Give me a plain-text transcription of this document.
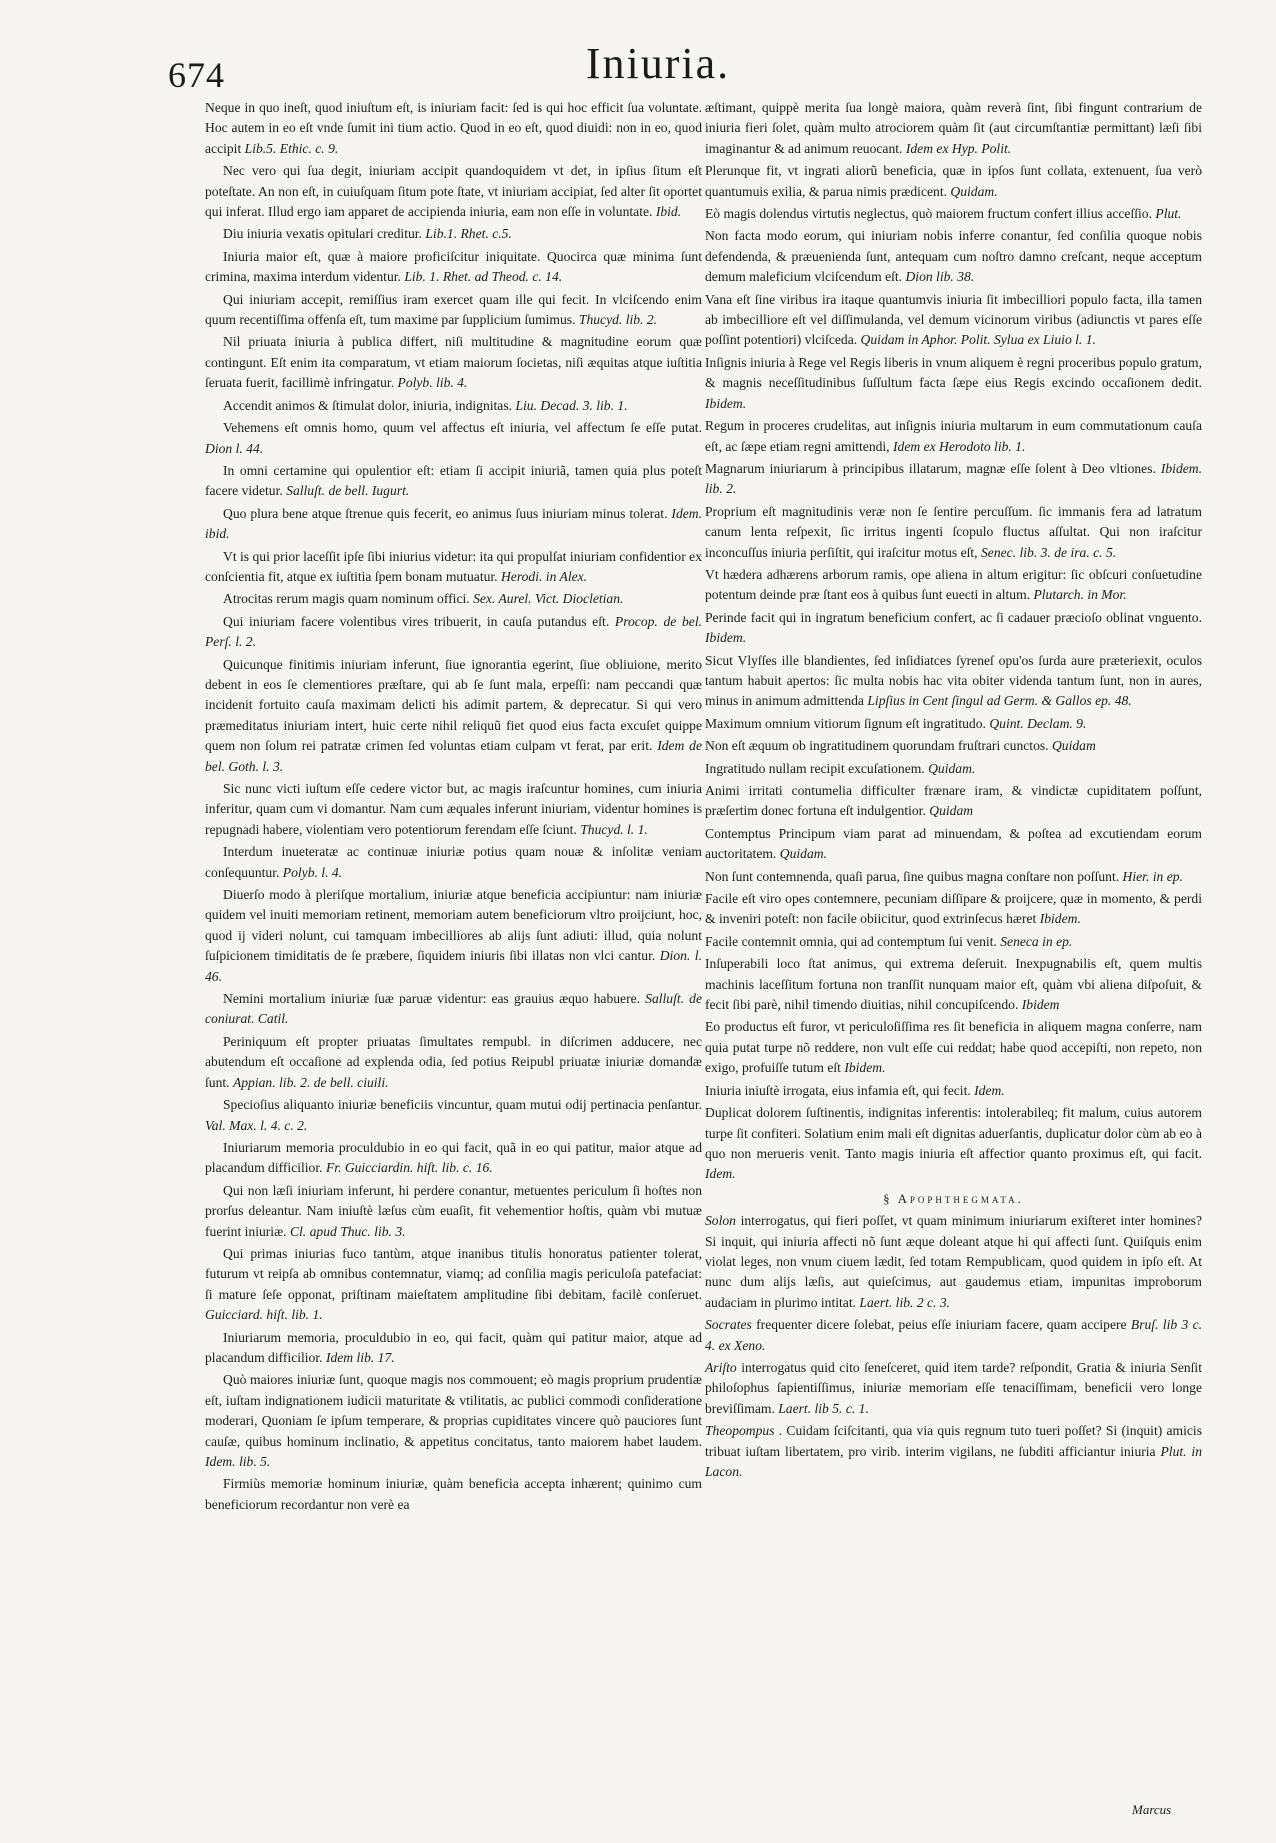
674	Iniuria.

Neque in quo ineſt, quod iniuſtum eſt, is iniuriam facit: ſed is qui hoc efficit ſua voluntate. Hoc autem in eo eſt vnde ſumit ini tium actio. Quod in eo eſt, quod diuidi: non in eo, quod accipit Lib.5. Ethic. c. 9.

Nec vero qui ſua degit, iniuriam accipit quandoquidem vt det, in ipſius ſitum eſt poteſtate. An non eſt, in cuiuſquam ſitum pote ſtate, vt iniuriam accipiat, ſed alter ſit oportet qui inferat. Illud ergo iam apparet de accipienda iniuria, eam non eſſe in voluntate. Ibid.

Diu iniuria vexatis opitulari creditur. Lib.1. Rhet. c.5.

Iniuria maior eſt, quæ à maiore proficiſcitur iniquitate. Quocirca quæ minima ſunt crimina, maxima interdum videntur. Lib. 1. Rhet. ad Theod. c. 14.

Qui iniuriam accepit, remiſſius iram exercet quam ille qui fecit. In vlciſcendo enim quum recentiſſima offenſa eſt, tum maxime par ſupplicium ſumimus. Thucyd. lib. 2.

Nil priuata iniuria à publica differt, niſi multitudine & magnitudine eorum quæ contingunt. Eſt enim ita comparatum, vt etiam maiorum ſocietas, niſi æquitas atque iuſtitia ſeruata fuerit, facillimè infringatur. Polyb. lib. 4.

Accendit animos & ſtimulat dolor, iniuria, indignitas. Liu. Decad. 3. lib. 1.

Vehemens eſt omnis homo, quum vel affectus eſt iniuria, vel affectum ſe eſſe putat. Dion l. 44.

In omni certamine qui opulentior eſt: etiam ſi accipit iniuriã, tamen quia plus poteſt facere videtur. Salluſt. de bell. Iugurt.

Quo plura bene atque ſtrenue quis fecerit, eo animus ſuus iniuriam minus tolerat. Idem. ibid.

Vt is qui prior laceſſit ipſe ſibi iniurius videtur: ita qui propulſat iniuriam confidentior ex conſcientia fit, atque ex iuſtitia ſpem bonam mutuatur. Herodi. in Alex.

Atrocitas rerum magis quam nominum offici. Sex. Aurel. Vict. Diocletian.

Qui iniuriam facere volentibus vires tribuerit, in cauſa putandus eſt. Procop. de bel. Perſ. l. 2.

Quicunque finitimis iniuriam inferunt, ſiue ignorantia egerint, ſiue obliuione, merito debent in eos ſe clementiores præſtare, qui ab ſe ſunt mala, erpeſſi: nam peccandi quæ incidenit fortuito cauſa maximam delicti his adimit partem, & deprecatur. Si qui vero præmeditatus iniuriam intert, huic certe nihil reliquũ fiet quod eius facta excuſet quippe quem non ſolum rei patratæ crimen ſed voluntas etiam culpam vt ferat, par erit. Idem de bel. Goth. l. 3.

Sic nunc victi iuſtum eſſe cedere victor but, ac magis iraſcuntur homines, cum iniuria inferitur, quam cum vi domantur. Nam cum æquales inferunt iniuriam, videntur homines is repugnadi habere, violentiam vero potentiorum ferendam eſſe ſciunt. Thucyd. l. 1.

Interdum inueteratæ ac continuæ iniuriæ potius quam nouæ & inſolitæ veniam conſequuntur. Polyb. l. 4.

Diuerſo modo à pleriſque mortalium, iniuriæ atque beneficia accipiuntur: nam iniuriæ quidem vel inuiti memoriam retinent, memoriam autem beneficiorum vltro proijciunt, hoc, quod ij videri nolunt, cui tamquam imbecilliores ab alijs ſunt adiuti: illud, quia nolunt ſuſpicionem timiditatis de ſe præbere, ſiquidem iniuris ſibi illatas non vlci cantur. Dion. l. 46.

Nemini mortalium iniuriæ ſuæ paruæ videntur: eas grauius æquo habuere. Salluſt. de coniurat. Catil.

Periniquum eſt propter priuatas ſimultates rempubl. in diſcrimen adducere, nec abutendum eſt occaſione ad explenda odia, ſed potius Reipubl priuatæ iniuriæ domandæ ſunt. Appian. lib. 2. de bell. ciuili.

Specioſius aliquanto iniuriæ beneficiis vincuntur, quam mutui odij pertinacia penſantur. Val. Max. l. 4. c. 2.

Iniuriarum memoria proculdubio in eo qui facit, quã in eo qui patitur, maior atque ad placandum difficilior. Fr. Guicciardin. hiſt. lib. c. 16.

Qui non læſi iniuriam inferunt, hi perdere conantur, metuentes periculum ſi hoſtes non prorſus deleantur. Nam iniuſtè læſus cùm euaſit, fit vehementior hoſtis, quàm vbi mutuæ fuerint iniuriæ. Cl. apud Thuc. lib. 3.

Qui primas iniurias fuco tantùm, atque inanibus titulis honoratus patienter tolerat, futurum vt reipſa ab omnibus contemnatur, viamq; ad conſilia magis periculoſa patefaciat: ſi mature ſeſe opponat, priſtinam maieſtatem amplitudine ſibi debitam, facilè conſeruet. Guicciard. hiſt. lib. 1.

Iniuriarum memoria, proculdubio in eo, qui facit, quàm qui patitur maior, atque ad placandum difficilior. Idem lib. 17.

Quò maiores iniuriæ ſunt, quoque magis nos commouent; eò magis proprium prudentiæ eſt, iuſtam indignationem iudicii maturitate & vtilitatis, ac publici commodi conſideratione moderari, Quoniam ſe ipſum temperare, & proprias cupiditates vincere quò pauciores ſunt cauſæ, quibus hominum inclinatio, & appetitus concitatus, tanto maiorem habet laudem. Idem. lib. 5.

Firmiùs memoriæ hominum iniuriæ, quàm beneficia accepta inhærent; quinimo cum beneficiorum recordantur non verè ea

æſtimant, quippè merita ſua longè maiora, quàm reverà ſint, ſibi fingunt contrarium de iniuria fieri ſolet, quàm multo atrociorem quàm ſit (aut circumſtantiæ permittant) læſi ſibi imaginantur & ad animum reuocant. Idem ex Hyp. Polit.

Plerunque fit, vt ingrati aliorũ beneficia, quæ in ipſos ſunt collata, extenuent, ſua verò quantumuis exilia, & parua nimis prædicent. Quidam.

Eò magis dolendus virtutis neglectus, quò maiorem fructum confert illius acceſſio. Plut.

Non facta modo eorum, qui iniuriam nobis inferre conantur, ſed conſilia quoque nobis defendenda, & præuenienda ſunt, antequam cum noſtro damno creſcant, neque acceptum demum maleficium vlciſcendum eſt. Dion lib. 38.

Vana eſt ſine viribus ira itaque quantumvis iniuria ſit imbecilliori populo facta, illa tamen ab imbecilliore eſt vel diſſimulanda, vel demum vicinorum viribus (adiunctis vt pares eſſe poſſint potentiori) vlciſceda. Quidam in Aphor. Polit. Sylua ex Liuio l. 1.

Inſignis iniuria à Rege vel Regis liberis in vnum aliquem è regni proceribus populo gratum, & magnis neceſſitudinibus ſuſſultum facta ſæpe eius Regis excindo occaſionem dedit. Ibidem.

Regum in proceres crudelitas, aut inſignis iniuria multarum in eum commutationum cauſa eſt, ac ſæpe etiam regni amittendi, Idem ex Herodoto lib. 1.

Magnarum iniuriarum à principibus illatarum, magnæ eſſe ſolent à Deo vltiones. Ibidem. lib. 2.

Proprium eſt magnitudinis veræ non ſe ſentire percuſſum. ſic immanis fera ad latratum canum lenta reſpexit, ſic irritus ingenti ſcopulo fluctus aſſultat. Qui non iraſcitur inconcuſſus iniuria perſiſtit, qui iraſcitur motus eſt, Senec. lib. 3. de ira. c. 5.

Vt hædera adhærens arborum ramis, ope aliena in altum erigitur: ſic obſcuri conſuetudine potentum deinde præ ſtant eos à quibus ſunt euecti in altum. Plutarch. in Mor.

Perinde facit qui in ingratum beneficium confert, ac ſi cadauer præcioſo oblinat vnguento. Ibidem.

Sicut Vlyſſes ille blandientes, ſed inſidiatces ſyreneſ opu'os ſurda aure præteriexit, oculos tantum habuit apertos: ſic multa nobis hac vita obiter videnda tantum ſunt, non in aures, minus in animum admittenda Lipſius in Cent ſingul ad Germ. & Gallos ep. 48.

Maximum omnium vitiorum ſignum eſt ingratitudo. Quint. Declam. 9.

Non eſt æquum ob ingratitudinem quorundam fruſtrari cunctos. Quidam

Ingratitudo nullam recipit excuſationem. Quidam.

Animi irritati contumelia difficulter frænare iram, & vindictæ cupiditatem poſſunt, præſertim donec fortuna eſt indulgentior. Quidam

Contemptus Principum viam parat ad minuendam, & poſtea ad excutiendam eorum auctoritatem. Quidam.

Non ſunt contemnenda, quaſi parua, ſine quibus magna conſtare non poſſunt. Hier. in ep.

Facile eſt viro opes contemnere, pecuniam diſſipare & proijcere, quæ in momento, & perdi & inveniri poteſt: non facile obiicitur, quod extrinſecus hæret Ibidem.

Facile contemnit omnia, qui ad contemptum ſui venit. Seneca in ep.

Inſuperabili loco ſtat animus, qui extrema deſeruit. Inexpugnabilis eſt, quem multis machinis laceſſitum fortuna non tranſſit nunquam maior eſt, quàm vbi aliena diſpoſuit, & fecit ſibi parè, nihil timendo diuitias, nihil concupiſcendo. Ibidem

Eo productus eſt furor, vt periculoſiſſima res ſit beneficia in aliquem magna conſerre, nam quia putat turpe nõ reddere, non vult eſſe cui reddat; habe quod accepiſti, non repeto, non exigo, profuiſſe tutum eſt Ibidem.

Iniuria iniuſtè irrogata, eius infamia eſt, qui fecit. Idem.

Duplicat dolorem ſuſtinentis, indignitas inferentis: intolerabileq; fit malum, cuius autorem turpe ſit confiteri. Solatium enim mali eſt dignitas aduerſantis, duplicatur dolor cùm ab eo à quo non merueris venit. Tanto magis iniuria eſt affectior quanto proximus eſt, qui facit. Idem.

§ Apophthegmata.

Solon interrogatus, qui fieri poſſet, vt quam minimum iniuriarum exiſteret inter homines? Si inquit, qui iniuria affecti nõ ſunt æque doleant atque hi qui affecti ſunt. Quiſquis enim violat leges, non vnum ciuem lædit, ſed totam Rempublicam, quod quidem in ipſo eſt. At nunc dum alijs læſis, aut quieſcimus, aut gaudemus etiam, impunitas improborum audaciam in plurimo intitat. Laert. lib. 2 c. 3.

Socrates frequenter dicere ſolebat, peius eſſe iniuriam facere, quam accipere Bruſ. lib 3 c. 4. ex Xeno.

Ariſto interrogatus quid cito ſeneſceret, quid item tarde? reſpondit, Gratia & iniuria Senſit philoſophus ſapientiſſimus, iniuriæ memoriam eſſe tenaciſſimam, beneficii vero longe breviſſimam. Laert. lib 5. c. 1.

Theopompus . Cuidam ſciſcitanti, qua via quis regnum tuto tueri poſſet? Si (inquit) amicis tribuat iuſtam libertatem, pro virib. interim vigilans, ne ſubditi afficiantur iniuria Plut. in Lacon.

Marcus
